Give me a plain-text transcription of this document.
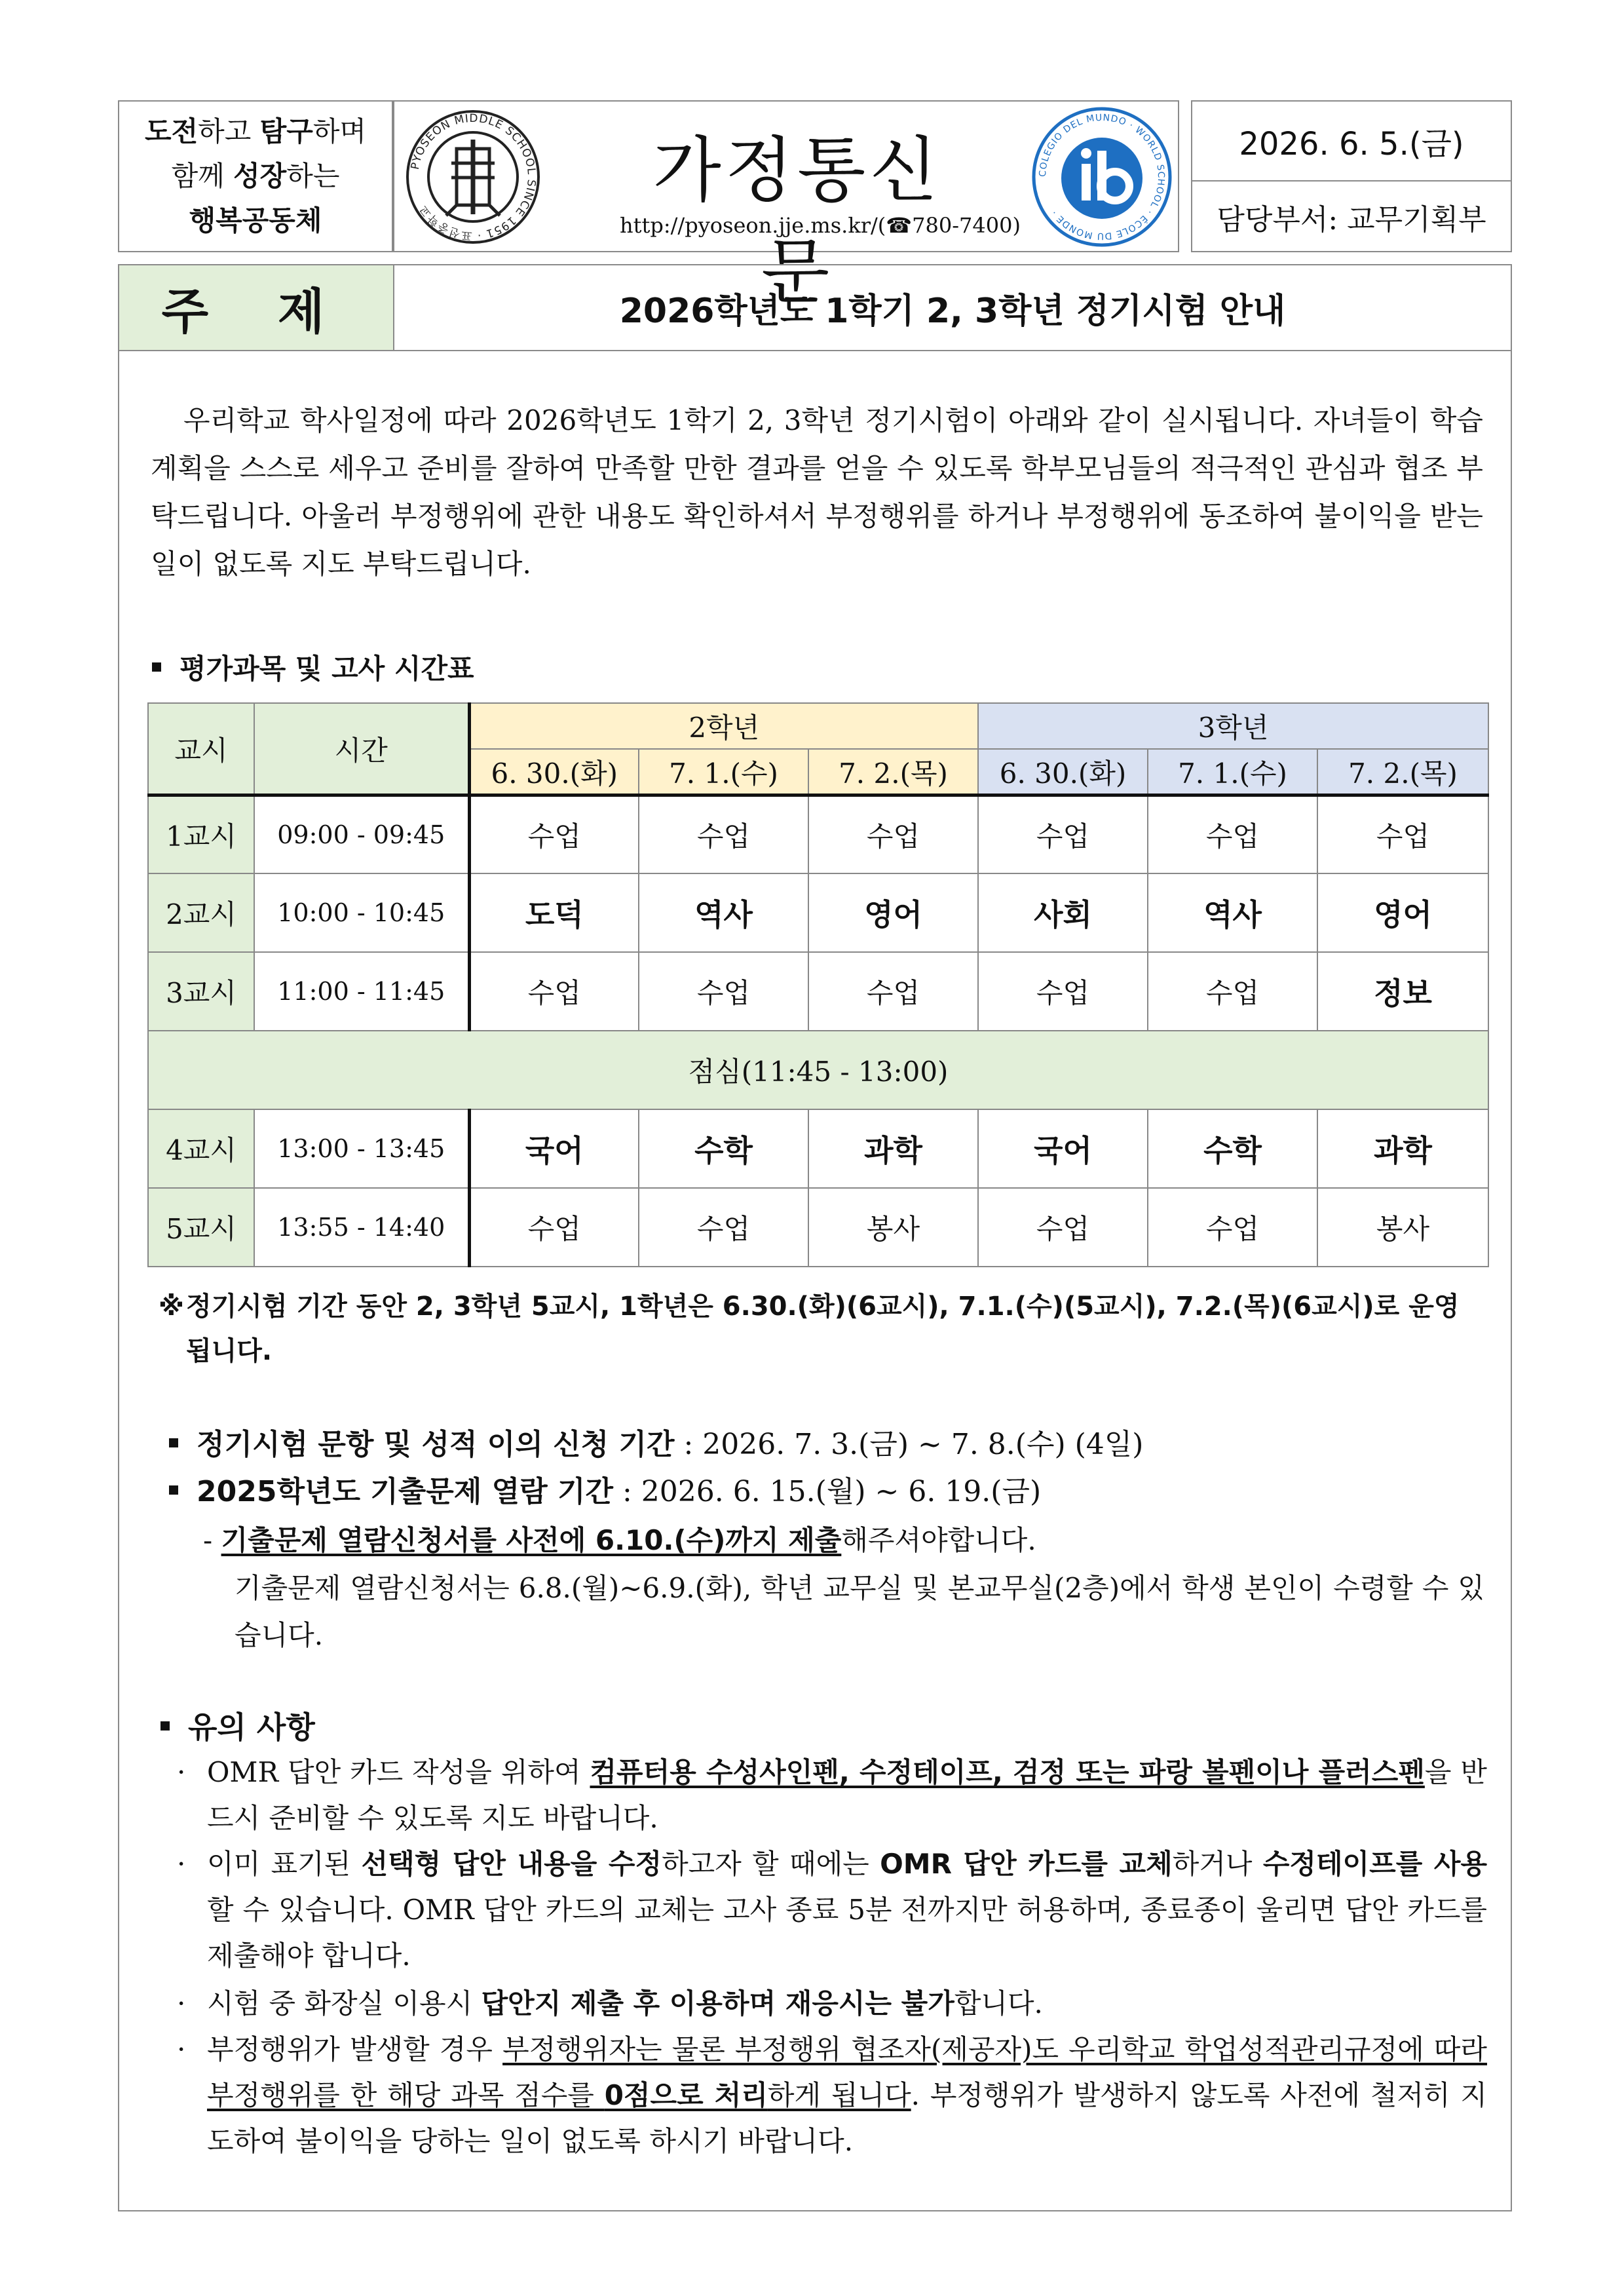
도전하고 탐구하며
함께 성장하는
행복공동체
PYOSEON MIDDLE SCHOOL SINCE 1951 · 표선중학교	가정통신문
http://pyoseon.jje.ms.kr/(☎780-7400)
COLEGIO DEL MUNDO · WORLD SCHOOL · ÉCOLE DU MONDE ·
2026. 6. 5.(금)
담당부서: 교무기획부
주 제	2026학년도 1학기 2, 3학년 정기시험 안내
우리학교 학사일정에 따라 2026학년도 1학기 2, 3학년 정기시험이 아래와 같이 실시됩니다. 자녀들이 학습계획을 스스로 세우고 준비를 잘하여 만족할 만한 결과를 얻을 수 있도록 학부모님들의 적극적인 관심과 협조 부탁드립니다. 아울러 부정행위에 관한 내용도 확인하셔서 부정행위를 하거나 부정행위에 동조하여 불이익을 받는 일이 없도록 지도 부탁드립니다.
평가과목 및 고사 시간표
교시	시간	2학년			3학년		
		6. 30.(화)	7. 1.(수)	7. 2.(목)	6. 30.(화)	7. 1.(수)	7. 2.(목)
1교시	09:00 - 09:45	수업	수업	수업	수업	수업	수업
2교시	10:00 - 10:45	도덕	역사	영어	사회	역사	영어
3교시	11:00 - 11:45	수업	수업	수업	수업	수업	정보
점심(11:45 - 13:00)							
4교시	13:00 - 13:45	국어	수학	과학	국어	수학	과학
5교시	13:55 - 14:40	수업	수업	봉사	수업	수업	봉사
※ 정기시험 기간 동안 2, 3학년 5교시, 1학년은 6.30.(화)(6교시), 7.1.(수)(5교시), 7.2.(목)(6교시)로 운영됩니다.
정기시험 문항 및 성적 이의 신청 기간 : 2026. 7. 3.(금) ~ 7. 8.(수) (4일)
2025학년도 기출문제 열람 기간 : 2026. 6. 15.(월) ~ 6. 19.(금)
- 기출문제 열람신청서를 사전에 6.10.(수)까지 제출해주셔야합니다.
기출문제 열람신청서는 6.8.(월)~6.9.(화), 학년 교무실 및 본교무실(2층)에서 학생 본인이 수령할 수 있습니다.
유의 사항
· OMR 답안 카드 작성을 위하여 컴퓨터용 수성사인펜, 수정테이프, 검정 또는 파랑 볼펜이나 플러스펜을 반드시 준비할 수 있도록 지도 바랍니다.
· 이미 표기된 선택형 답안 내용을 수정하고자 할 때에는 OMR 답안 카드를 교체하거나 수정테이프를 사용할 수 있습니다. OMR 답안 카드의 교체는 고사 종료 5분 전까지만 허용하며, 종료종이 울리면 답안 카드를 제출해야 합니다.
· 시험 중 화장실 이용시 답안지 제출 후 이용하며 재응시는 불가합니다.
· 부정행위가 발생할 경우 부정행위자는 물론 부정행위 협조자(제공자)도 우리학교 학업성적관리규정에 따라 부정행위를 한 해당 과목 점수를 0점으로 처리하게 됩니다. 부정행위가 발생하지 않도록 사전에 철저히 지도하여 불이익을 당하는 일이 없도록 하시기 바랍니다.
